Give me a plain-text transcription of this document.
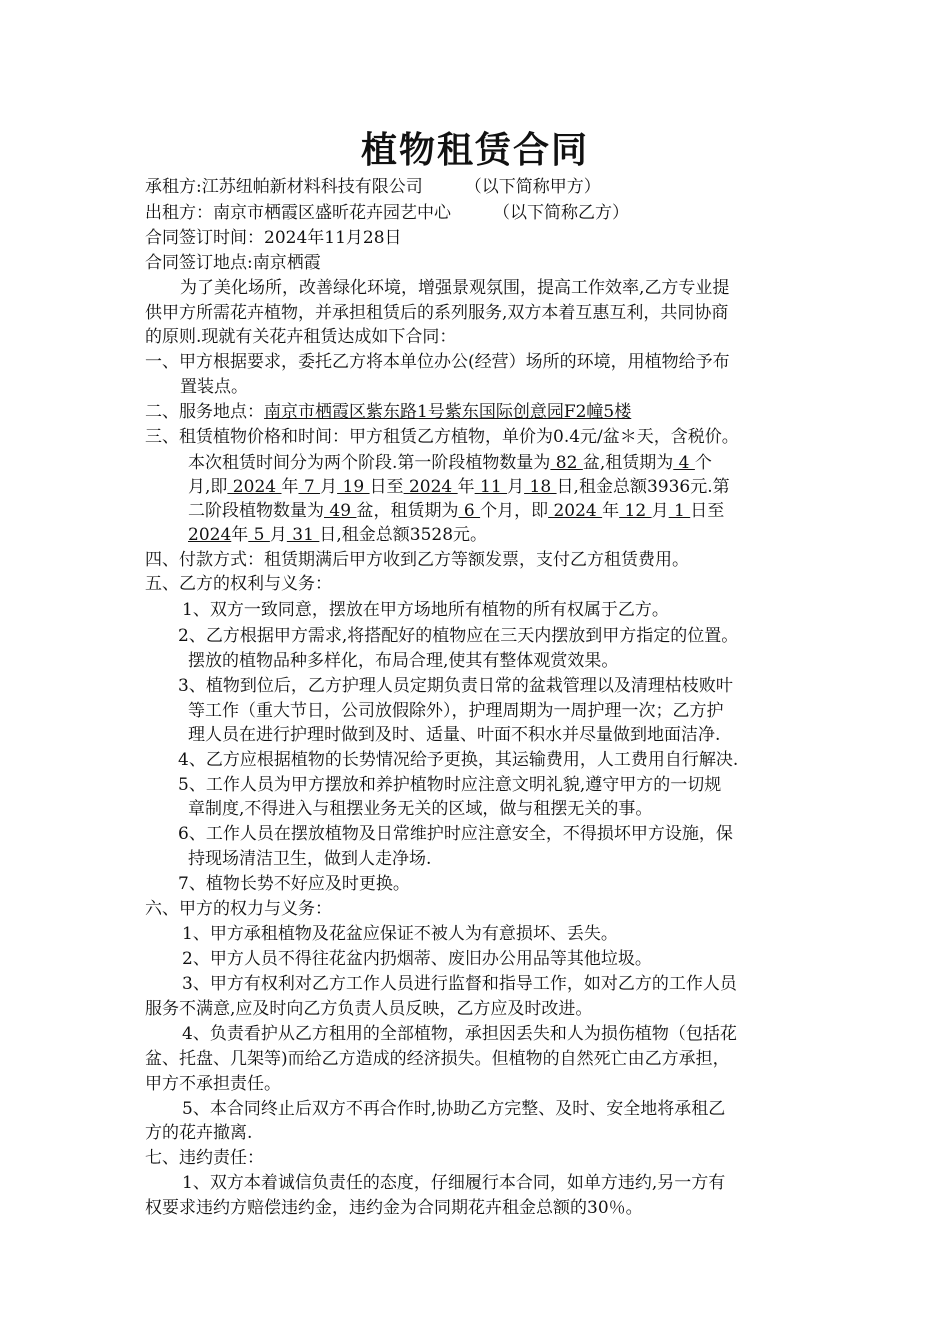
植物租赁合同
承租方:江苏纽帕新材料科技有限公司 （以下简称甲方）
出租方：南京市栖霞区盛昕花卉园艺中心 （以下简称乙方）
合同签订时间：2024年11月28日
合同签订地点:南京栖霞
为了美化场所，改善绿化环境，增强景观氛围，提高工作效率,乙方专业提
供甲方所需花卉植物，并承担租赁后的系列服务,双方本着互惠互利，共同协商
的原则.现就有关花卉租赁达成如下合同：
一、甲方根据要求，委托乙方将本单位办公(经营）场所的环境，用植物给予布
置装点。
二、服务地点：南京市栖霞区紫东路1号紫东国际创意园F2幢5楼
三、租赁植物价格和时间：甲方租赁乙方植物，单价为0.4元/盆＊天，含税价。
本次租赁时间分为两个阶段.第一阶段植物数量为 82 盆,租赁期为 4 个
月,即 2024 年 7 月 19 日至 2024 年 11 月 18 日,租金总额3936元.第
二阶段植物数量为 49 盆，租赁期为 6 个月，即 2024 年 12 月 1 日至
2024年 5 月 31 日,租金总额3528元。
四、付款方式：租赁期满后甲方收到乙方等额发票，支付乙方租赁费用。
五、乙方的权利与义务：
1、双方一致同意，摆放在甲方场地所有植物的所有权属于乙方。
2、乙方根据甲方需求,将搭配好的植物应在三天内摆放到甲方指定的位置。
摆放的植物品种多样化，布局合理,使其有整体观赏效果。
3、植物到位后，乙方护理人员定期负责日常的盆栽管理以及清理枯枝败叶
等工作（重大节日，公司放假除外），护理周期为一周护理一次；乙方护
理人员在进行护理时做到及时、适量、叶面不积水并尽量做到地面洁净.
4、乙方应根据植物的长势情况给予更换，其运输费用，人工费用自行解决.
5、工作人员为甲方摆放和养护植物时应注意文明礼貌,遵守甲方的一切规
章制度,不得进入与租摆业务无关的区域，做与租摆无关的事。
6、工作人员在摆放植物及日常维护时应注意安全，不得损坏甲方设施，保
持现场清洁卫生，做到人走净场.
7、植物长势不好应及时更换。
六、甲方的权力与义务：
1、甲方承租植物及花盆应保证不被人为有意损坏、丢失。
2、甲方人员不得往花盆内扔烟蒂、废旧办公用品等其他垃圾。
3、甲方有权利对乙方工作人员进行监督和指导工作，如对乙方的工作人员
服务不满意,应及时向乙方负责人员反映，乙方应及时改进。
4、负责看护从乙方租用的全部植物，承担因丢失和人为损伤植物（包括花
盆、托盘、几架等)而给乙方造成的经济损失。但植物的自然死亡由乙方承担，
甲方不承担责任。
5、本合同终止后双方不再合作时,协助乙方完整、及时、安全地将承租乙
方的花卉撤离.
七、违约责任：
1、双方本着诚信负责任的态度，仔细履行本合同，如单方违约,另一方有
权要求违约方赔偿违约金，违约金为合同期花卉租金总额的30％。
